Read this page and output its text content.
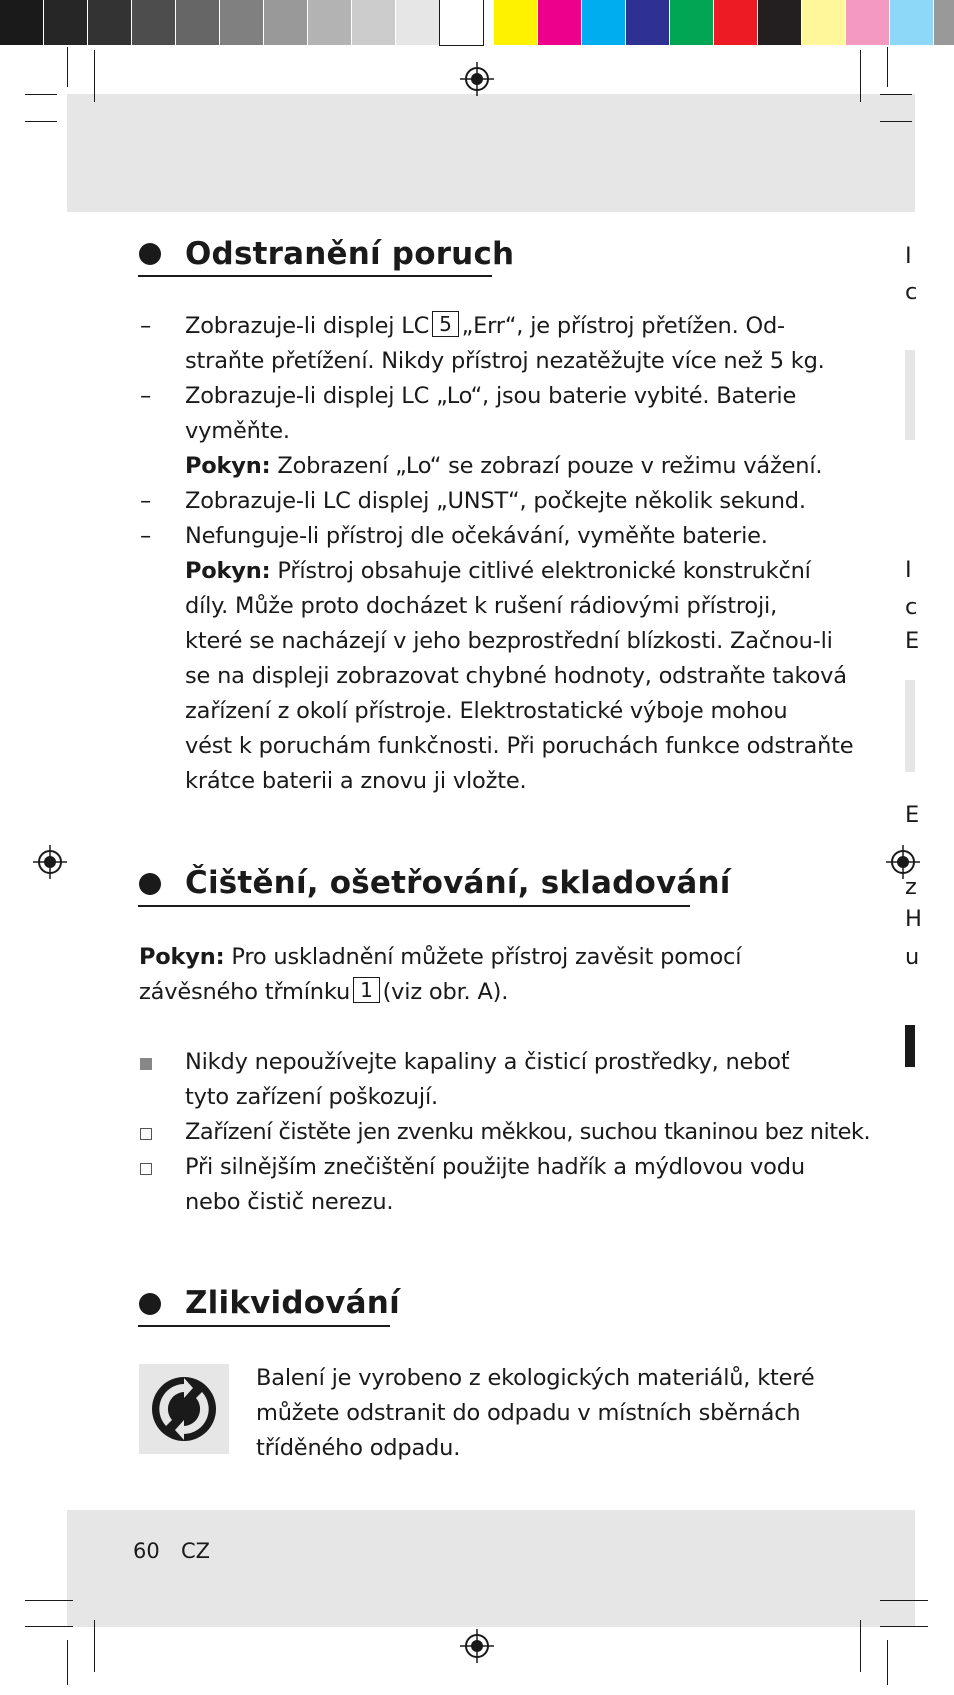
Odstranění poruch
– Zobrazuje-li displej LC 5 „Err“, je přístroj přetížen. Od-
straňte přetížení. Nikdy přístroj nezatěžujte více než 5 kg.
– Zobrazuje-li displej LC „Lo“, jsou baterie vybité. Baterie
vyměňte.
Pokyn: Zobrazení „Lo“ se zobrazí pouze v režimu vážení.
– Zobrazuje-li LC displej „UNST“, počkejte několik sekund.
– Nefunguje-li přístroj dle očekávání, vyměňte baterie.
Pokyn: Přístroj obsahuje citlivé elektronické konstrukční
díly. Může proto docházet k rušení rádiovými přístroji,
které se nacházejí v jeho bezprostřední blízkosti. Začnou-li
se na displeji zobrazovat chybné hodnoty, odstraňte taková
zařízení z okolí přístroje. Elektrostatické výboje mohou
vést k poruchám funkčnosti. Při poruchách funkce odstraňte
krátce baterii a znovu ji vložte.
Čištění, ošetřování, skladování
Pokyn: Pro uskladnění můžete přístroj zavěsit pomocí
závěsného třmínku 1 (viz obr. A).
Nikdy nepoužívejte kapaliny a čisticí prostředky, neboť
tyto zařízení poškozují.
Zařízení čistěte jen zvenku měkkou, suchou tkaninou bez nitek.
Při silnějším znečištění použijte hadřík a mýdlovou vodu
nebo čistič nerezu.
Zlikvidování
Balení je vyrobeno z ekologických materiálů, které
můžete odstranit do odpadu v místních sběrnách
tříděného odpadu.
60 CZ
I
c
I
c
E
E
z
H
u
